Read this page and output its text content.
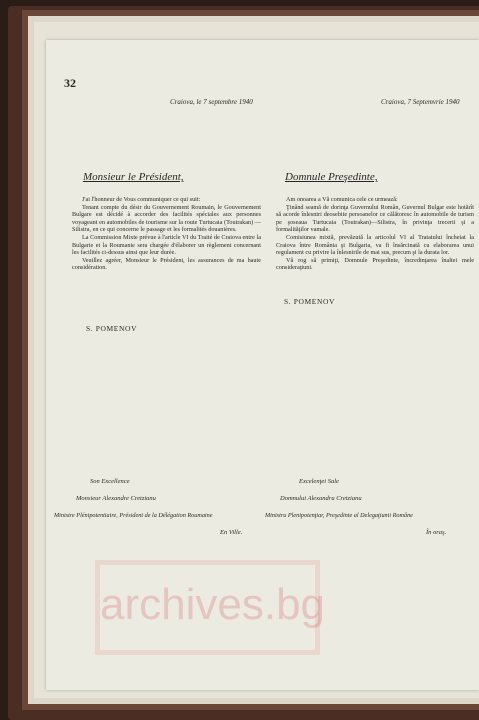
32
Craiova, le 7 septembre 1940	Craiova, 7 Septemvrie 1940
Monsieur le Président,	Domnule Preşedinte,

J'ai l'honneur de Vous communiquer ce qui suit:

Tenant compte du désir du Gouvernement Roumain, le Gouvernement Bulgare est décidé à accorder des facilités spéciales aux personnes voyageant en automobiles de tourisme sur la route Turtucaia (Toutrakan) — Silistra, en ce qui concerne le passage et les formalités douanières.

La Commission Mixte prévue à l'article VI du Traité de Craiova entre la Bulgarie et la Roumanie sera chargée d'élaborer un règlement concernant les facilités ci-dessus ainsi que leur durée.

Veuillez agréer, Monsieur le Président, les assurances de ma haute considération.

Am onoarea a Vă comunica cele ce urmează:

Ţinând seamă de dorinţa Guvernului Român, Guvernul Bulgar este hotărît să acorde înlesniri deosebite persoanelor ce călătoresc în automobile de turism pe şoseaua Turtucaia (Toutrakan)—Silistra, în privinţa trecerii şi a formalităţilor vamale.

Comisiunea mixtă, prevăzută la articolul VI al Tratatului încheiat la Craiova între România şi Bulgaria, va fi însărcinată cu elaborarea unui regulament cu privire la înlesnirile de mai sus, precum şi la durata lor.

Vă rog să primiţi, Domnule Preşedinte, încredinţarea înaltei mele consideraţiuni.

S. POMENOV
S. POMENOV
Son Excellence
Monsieur Alexandre Cretzianu
Ministre Plénipotentiaire, Président de la Délégation Roumaine
En Ville.
Excelenţei Sale
Domnului Alexandru Cretzianu
Ministru Plenipotenţiar, Preşedinte al Delegaţiunii Române
În oraş.
archives.bg
